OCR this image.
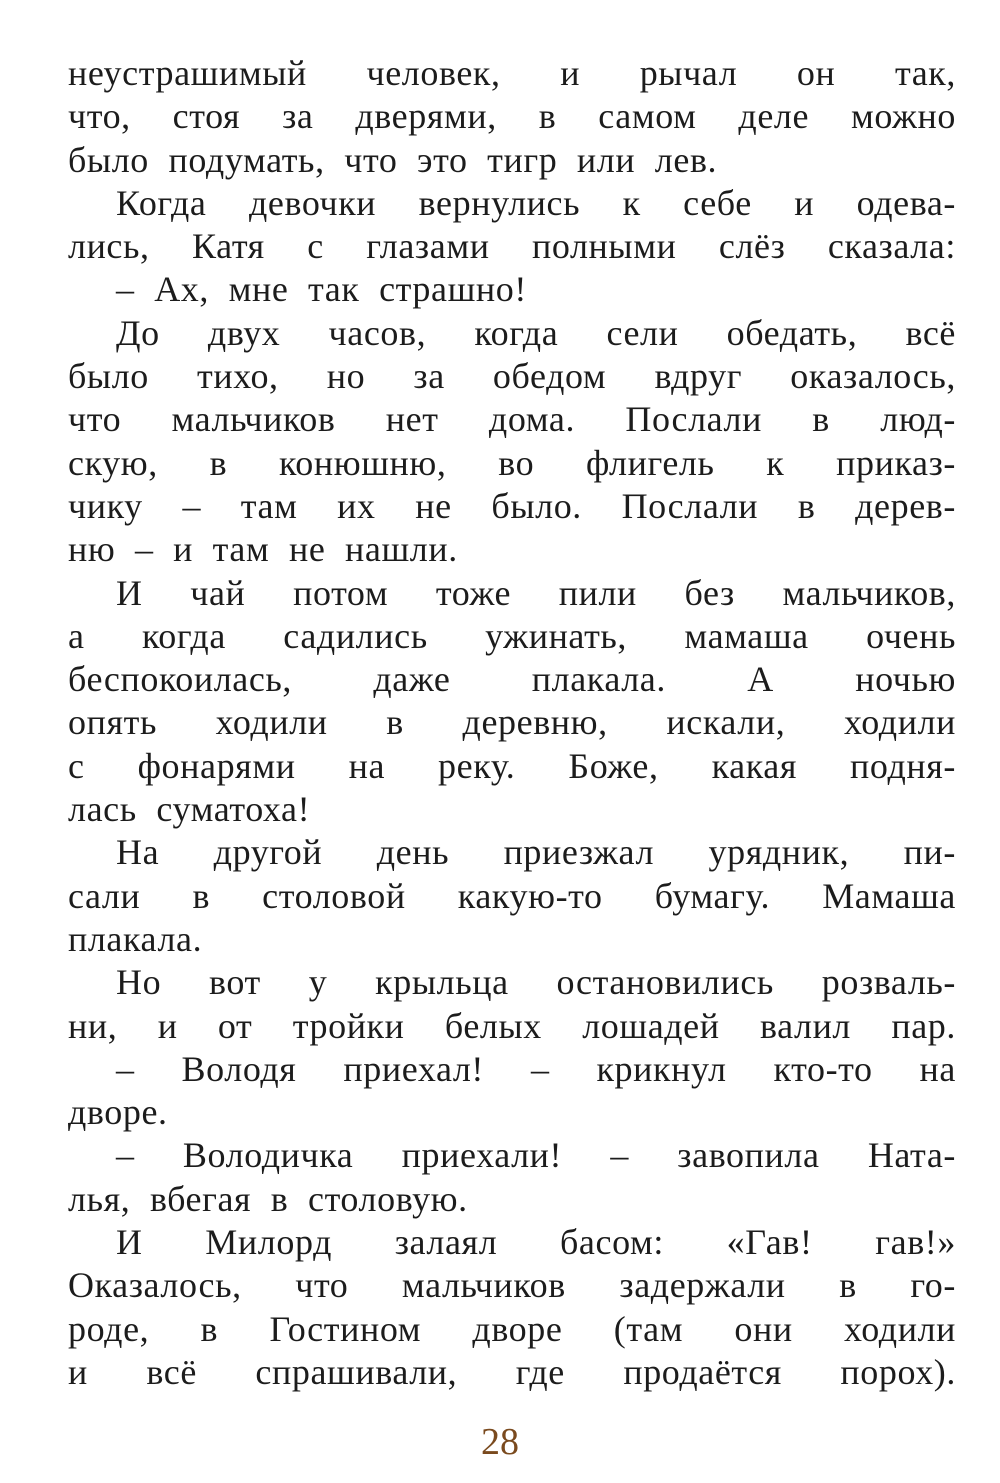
неустрашимый человек, и рычал он так,
что, стоя за дверями, в самом деле можно
было подумать, что это тигр или лев.
Когда девочки вернулись к себе и одева-
лись, Катя с глазами полными слёз сказала:
– Ах, мне так страшно!
До двух часов, когда сели обедать, всё
было тихо, но за обедом вдруг оказалось,
что мальчиков нет дома. Послали в люд-
скую, в конюшню, во флигель к приказ-
чику – там их не было. Послали в дерев-
ню – и там не нашли.
И чай потом тоже пили без мальчиков,
а когда садились ужинать, мамаша очень
беспокоилась, даже плакала. А ночью
опять ходили в деревню, искали, ходили
с фонарями на реку. Боже, какая подня-
лась суматоха!
На другой день приезжал урядник, пи-
сали в столовой какую-то бумагу. Мамаша
плакала.
Но вот у крыльца остановились розваль-
ни, и от тройки белых лошадей валил пар.
– Володя приехал! – крикнул кто-то на
дворе.
– Володичка приехали! – завопила Ната-
лья, вбегая в столовую.
И Милорд залаял басом: «Гав! гав!»
Оказалось, что мальчиков задержали в го-
роде, в Гостином дворе (там они ходили
и всё спрашивали, где продаётся порох).
28
